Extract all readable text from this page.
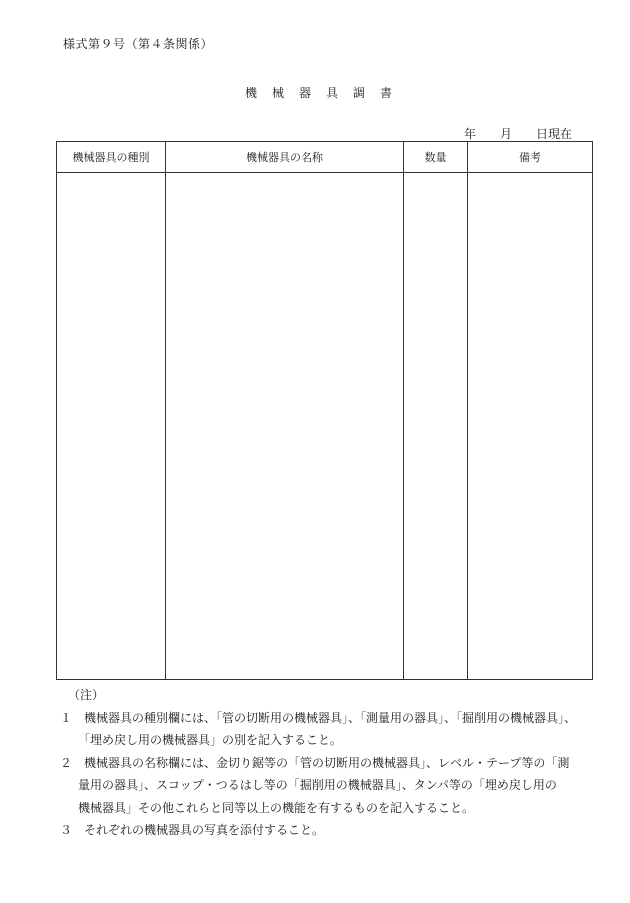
様式第９号（第４条関係）
機械器具調書
年　　月　　日現在
機械器具の種別	機械器具の名称	数量	備考

（注）
１　機械器具の種別欄には、「管の切断用の機械器具」、「測量用の器具」、「掘削用の機械器具」、
「埋め戻し用の機械器具」の別を記入すること。
２　機械器具の名称欄には、金切り鋸等の「管の切断用の機械器具」、レベル・テープ等の「測
量用の器具」、スコップ・つるはし等の「掘削用の機械器具」、タンパ等の「埋め戻し用の
機械器具」その他これらと同等以上の機能を有するものを記入すること。
３　それぞれの機械器具の写真を添付すること。
